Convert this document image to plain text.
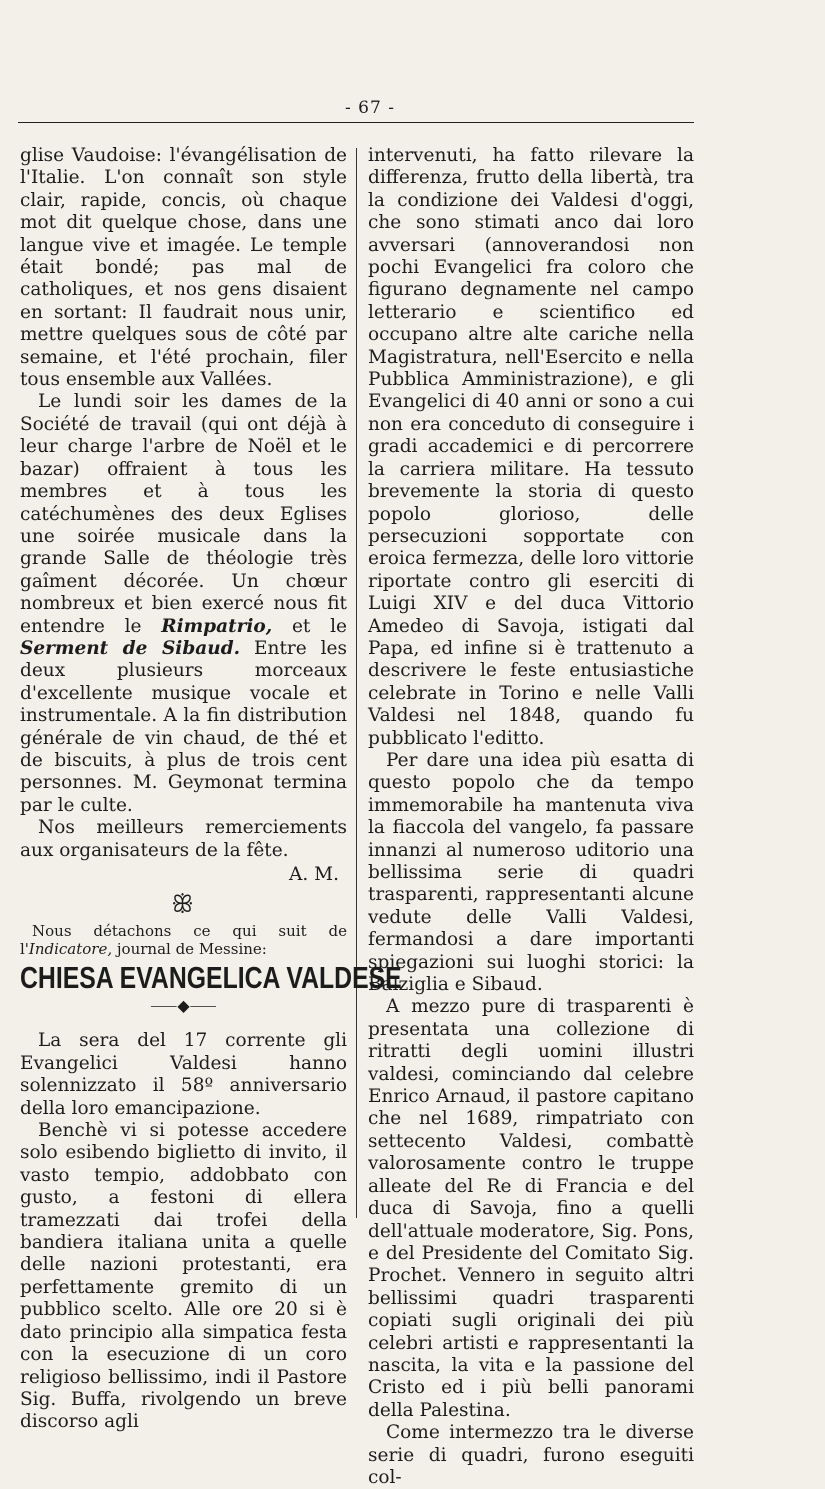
- 67 -

glise Vaudoise: l'évangélisation de l'Italie. L'on connaît son style clair, rapide, concis, où chaque mot dit quelque chose, dans une langue vive et imagée. Le temple était bondé; pas mal de catholiques, et nos gens disaient en sortant: Il faudrait nous unir, mettre quelques sous de côté par semaine, et l'été prochain, filer tous ensemble aux Vallées.

Le lundi soir les dames de la Société de travail (qui ont déjà à leur charge l'arbre de Noël et le bazar) offraient à tous les membres et à tous les catéchumènes des deux Eglises une soirée musicale dans la grande Salle de théologie très gaîment décorée. Un chœur nombreux et bien exercé nous fit entendre le Rimpatrio, et le Serment de Sibaud. Entre les deux plusieurs morceaux d'excellente musique vocale et instrumentale. A la fin distribution générale de vin chaud, de thé et de biscuits, à plus de trois cent personnes. M. Geymonat termina par le culte.

Nos meilleurs remerciements aux organisateurs de la fête.

A. M.
ꕥ

Nous détachons ce qui suit de l'Indicatore, journal de Messine:

CHIESA EVANGELICA VALDESE
⸺◆⸺

La sera del 17 corrente gli Evangelici Valdesi hanno solennizzato il 58º anniversario della loro emancipazione.

Benchè vi si potesse accedere solo esibendo biglietto di invito, il vasto tempio, addobbato con gusto, a festoni di ellera tramezzati dai trofei della bandiera italiana unita a quelle delle nazioni protestanti, era perfettamente gremito di un pubblico scelto. Alle ore 20 si è dato principio alla simpatica festa con la esecuzione di un coro religioso bellissimo, indi il Pastore Sig. Buffa, rivolgendo un breve discorso agli

intervenuti, ha fatto rilevare la differenza, frutto della libertà, tra la condizione dei Valdesi d'oggi, che sono stimati anco dai loro avversari (annoverandosi non pochi Evangelici fra coloro che figurano degnamente nel campo letterario e scientifico ed occupano altre alte cariche nella Magistratura, nell'Esercito e nella Pubblica Amministrazione), e gli Evangelici di 40 anni or sono a cui non era conceduto di conseguire i gradi accademici e di percorrere la carriera militare. Ha tessuto brevemente la storia di questo popolo glorioso, delle persecuzioni sopportate con eroica fermezza, delle loro vittorie riportate contro gli eserciti di Luigi XIV e del duca Vittorio Amedeo di Savoja, istigati dal Papa, ed infine si è trattenuto a descrivere le feste entusiastiche celebrate in Torino e nelle Valli Valdesi nel 1848, quando fu pubblicato l'editto.

Per dare una idea più esatta di questo popolo che da tempo immemorabile ha mantenuta viva la fiaccola del vangelo, fa passare innanzi al numeroso uditorio una bellissima serie di quadri trasparenti, rappresentanti alcune vedute delle Valli Valdesi, fermandosi a dare importanti spiegazioni sui luoghi storici: la Balziglia e Sibaud.

A mezzo pure di trasparenti è presentata una collezione di ritratti degli uomini illustri valdesi, cominciando dal celebre Enrico Arnaud, il pastore capitano che nel 1689, rimpatriato con settecento Valdesi, combattè valorosamente contro le truppe alleate del Re di Francia e del duca di Savoja, fino a quelli dell'attuale moderatore, Sig. Pons, e del Presidente del Comitato Sig. Prochet. Vennero in seguito altri bellissimi quadri trasparenti copiati sugli originali dei più celebri artisti e rappresentanti la nascita, la vita e la passione del Cristo ed i più belli panorami della Palestina.

Come intermezzo tra le diverse serie di quadri, furono eseguiti col-
